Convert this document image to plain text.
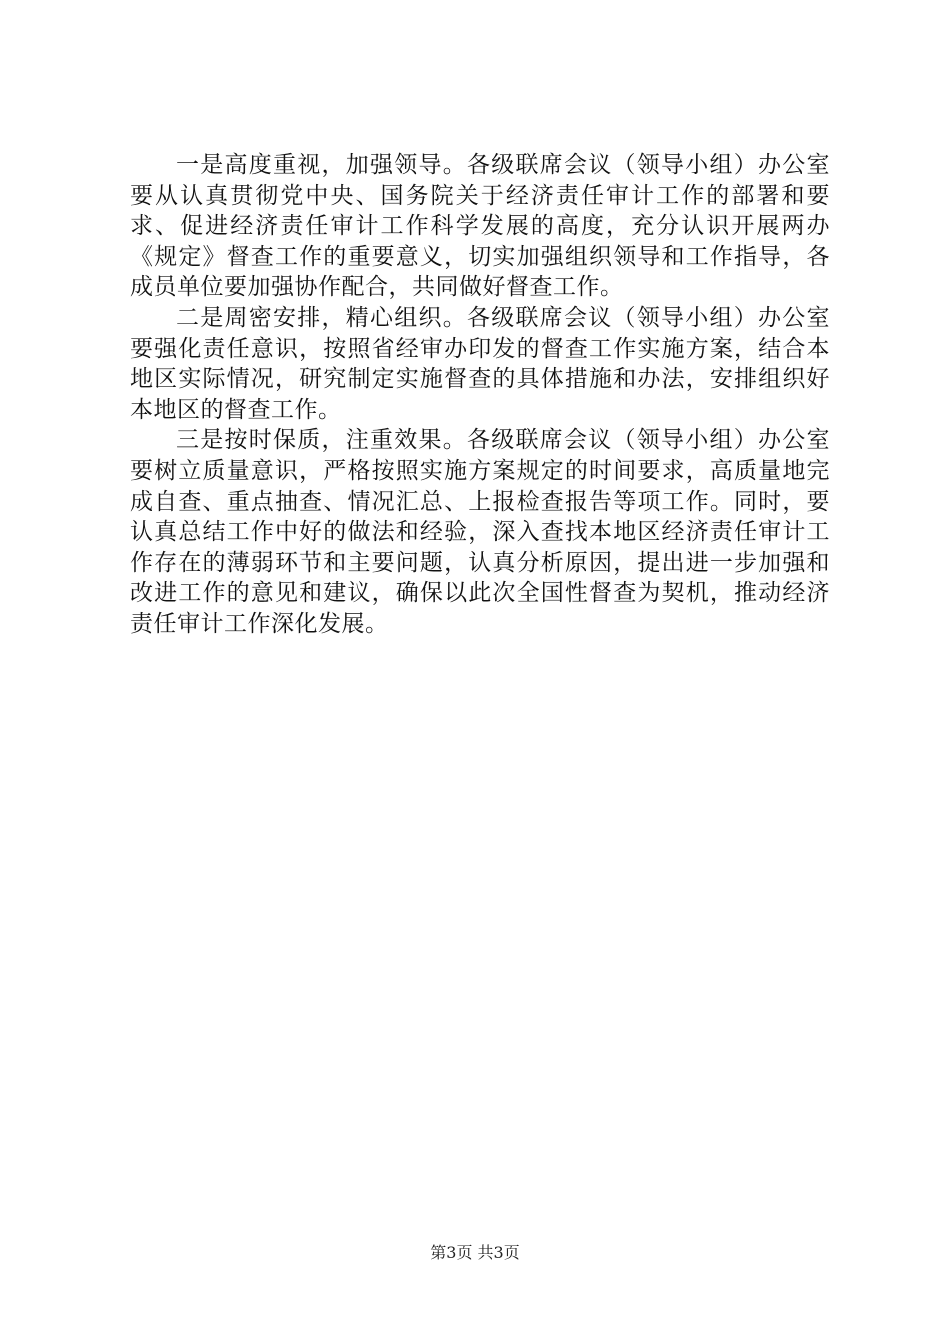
一是高度重视，加强领导。各级联席会议（领导小组）办公室要从认真贯彻党中央、国务院关于经济责任审计工作的部署和要求、促进经济责任审计工作科学发展的高度，充分认识开展两办《规定》督查工作的重要意义，切实加强组织领导和工作指导，各成员单位要加强协作配合，共同做好督查工作。

二是周密安排，精心组织。各级联席会议（领导小组）办公室要强化责任意识，按照省经审办印发的督查工作实施方案，结合本地区实际情况，研究制定实施督查的具体措施和办法，安排组织好本地区的督查工作。

三是按时保质，注重效果。各级联席会议（领导小组）办公室要树立质量意识，严格按照实施方案规定的时间要求，高质量地完成自查、重点抽查、情况汇总、上报检查报告等项工作。同时，要认真总结工作中好的做法和经验，深入查找本地区经济责任审计工作存在的薄弱环节和主要问题，认真分析原因，提出进一步加强和改进工作的意见和建议，确保以此次全国性督查为契机，推动经济责任审计工作深化发展。

第3页 共3页
